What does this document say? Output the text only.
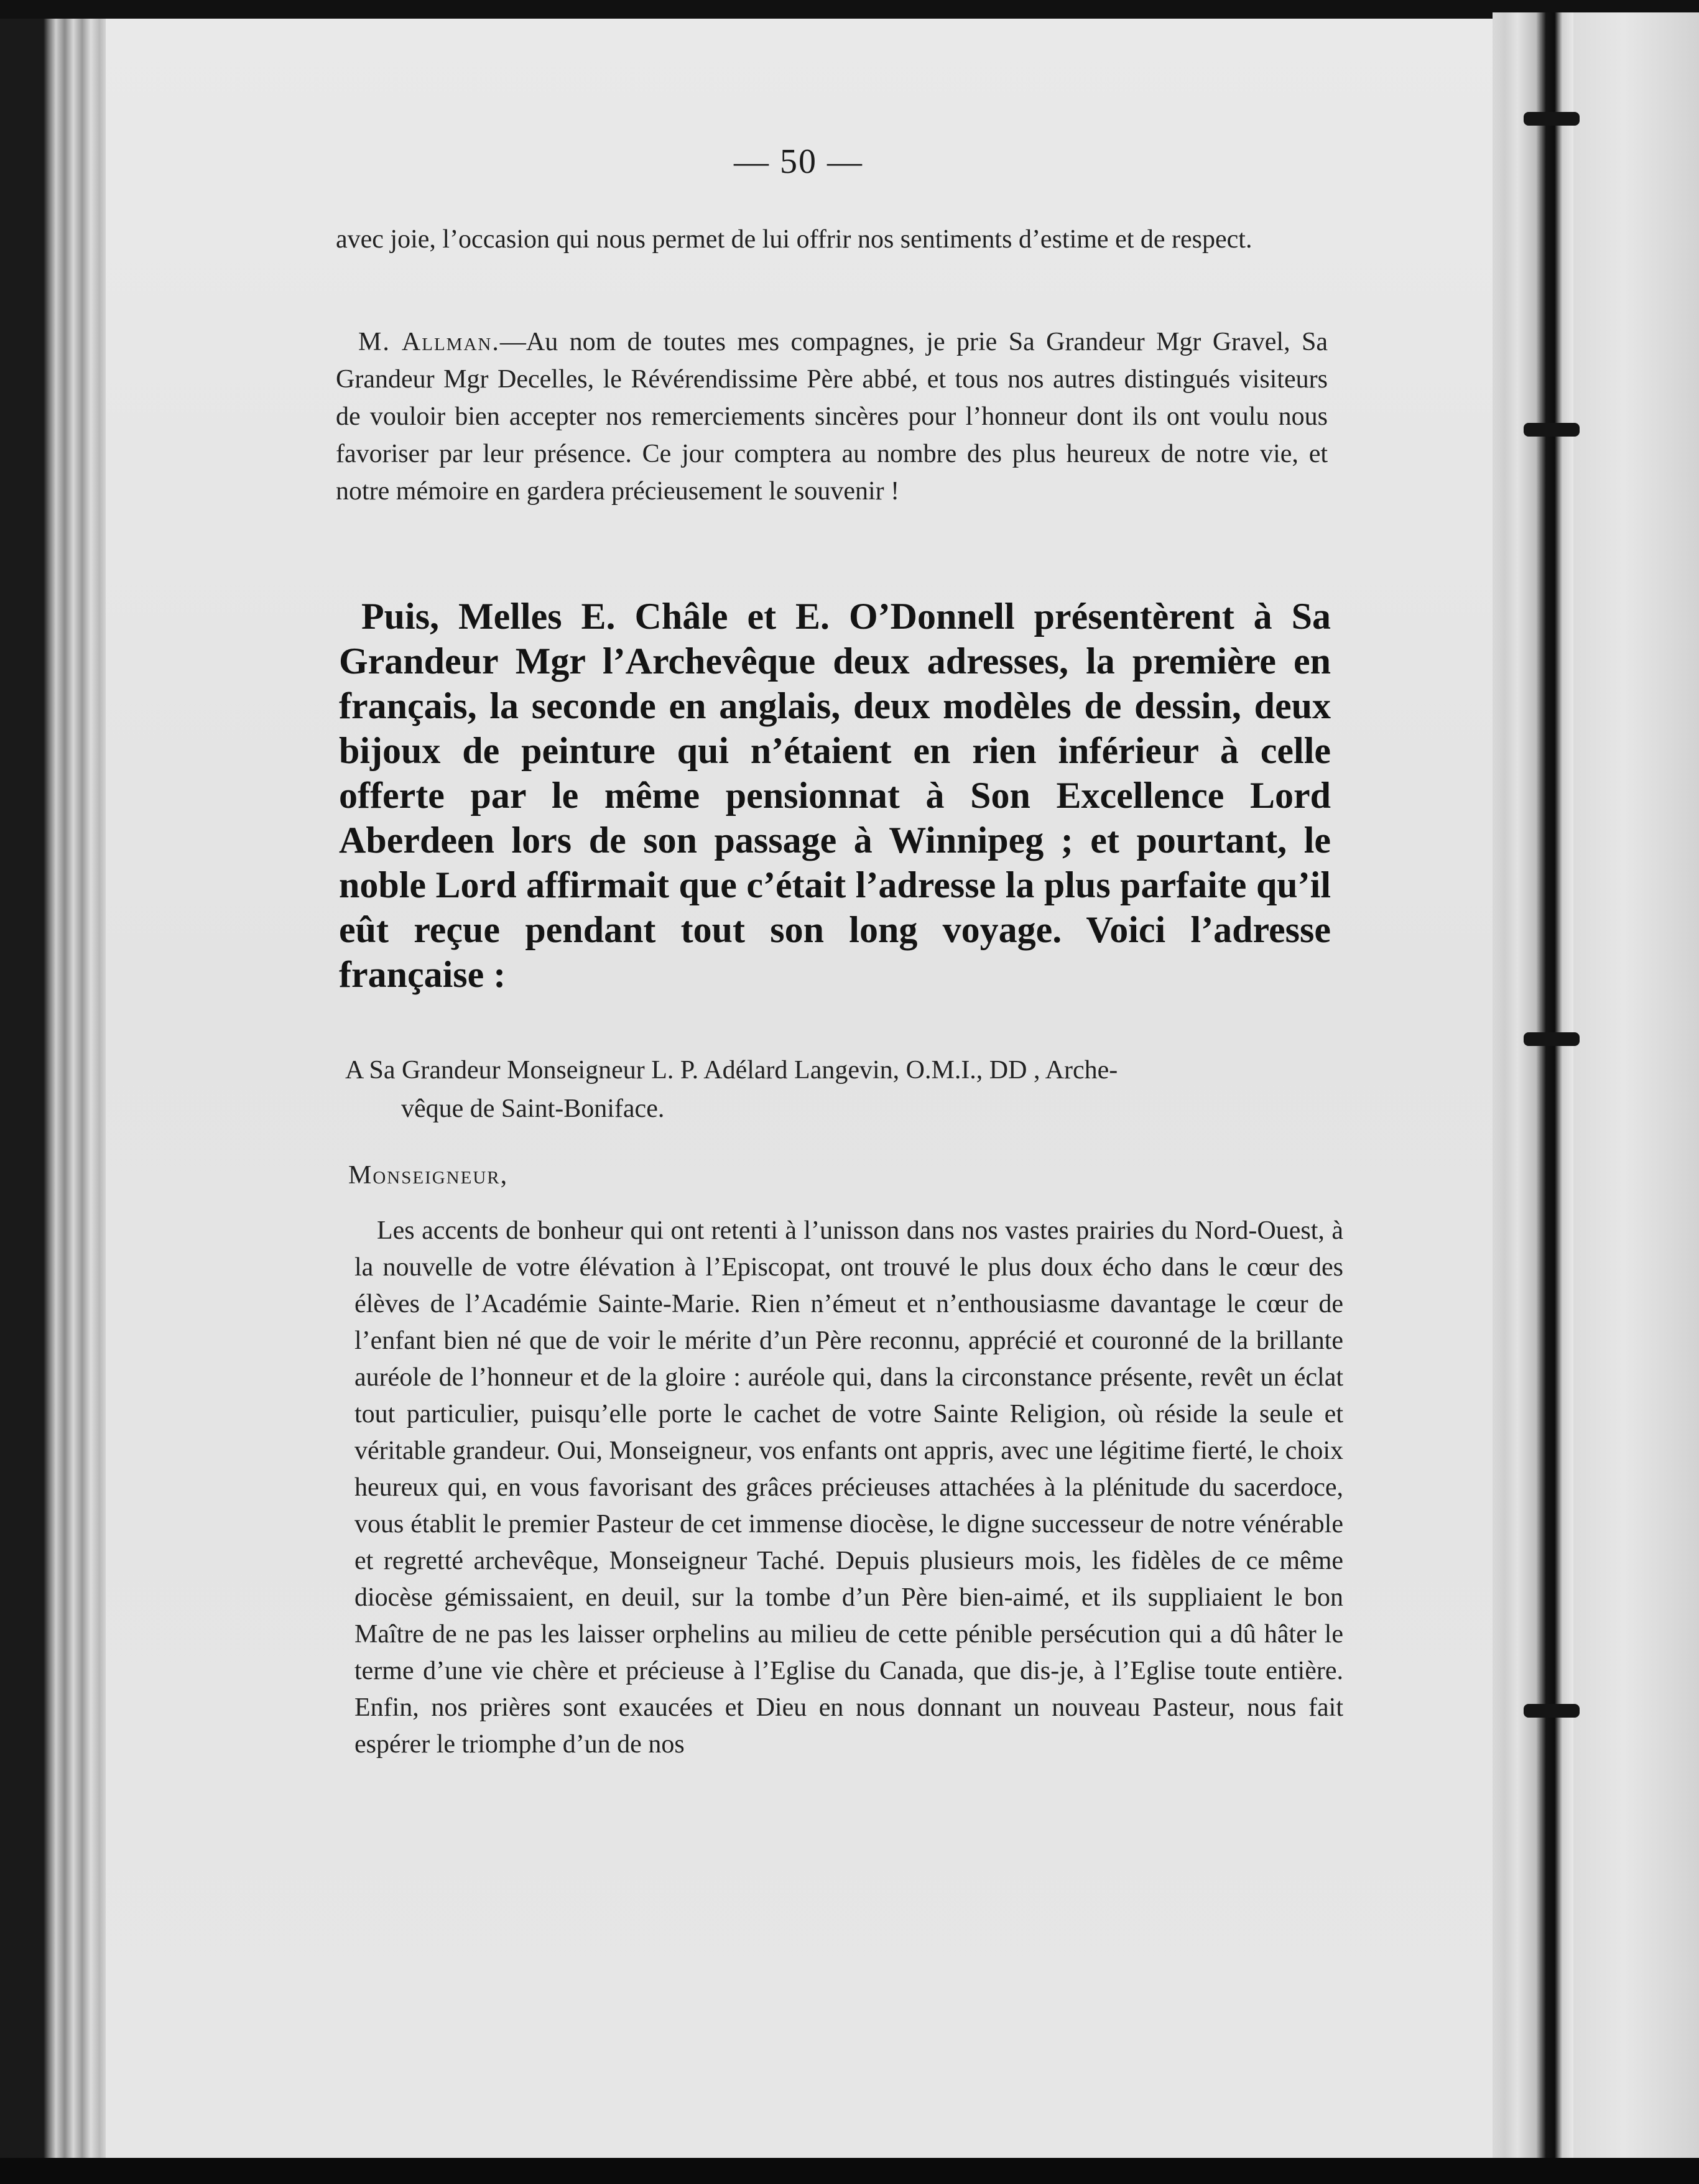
— 50 —

avec joie, l’occasion qui nous permet de lui offrir nos sentiments d’estime et de respect.

M. Allman.—Au nom de toutes mes compagnes, je prie Sa Grandeur Mgr Gravel, Sa Grandeur Mgr Decelles, le Révérendissime Père abbé, et tous nos autres distingués visiteurs de vouloir bien accepter nos remerciements sincères pour l’honneur dont ils ont voulu nous favoriser par leur présence. Ce jour comptera au nombre des plus heureux de notre vie, et notre mémoire en gardera précieusement le souvenir !

Puis, Melles E. Châle et E. O’Donnell présentèrent à Sa Grandeur Mgr l’Archevêque deux adresses, la première en français, la seconde en anglais, deux modèles de dessin, deux bijoux de peinture qui n’étaient en rien inférieur à celle offerte par le même pensionnat à Son Excellence Lord Aberdeen lors de son passage à Winnipeg ; et pourtant, le noble Lord affirmait que c’était l’adresse la plus parfaite qu’il eût reçue pendant tout son long voyage. Voici l’adresse française :

A Sa Grandeur Monseigneur L. P. Adélard Langevin, O.M.I., DD , Arche-
vêque de Saint-Boniface.

Monseigneur,

Les accents de bonheur qui ont retenti à l’unisson dans nos vastes prairies du Nord-Ouest, à la nouvelle de votre élévation à l’Episcopat, ont trouvé le plus doux écho dans le cœur des élèves de l’Académie Sainte-Marie. Rien n’émeut et n’enthousiasme davantage le cœur de l’enfant bien né que de voir le mérite d’un Père reconnu, apprécié et couronné de la brillante auréole de l’honneur et de la gloire : auréole qui, dans la circonstance présente, revêt un éclat tout particulier, puisqu’elle porte le cachet de votre Sainte Religion, où réside la seule et véritable grandeur. Oui, Monseigneur, vos enfants ont appris, avec une légitime fierté, le choix heureux qui, en vous favorisant des grâces précieuses attachées à la plénitude du sacerdoce, vous établit le premier Pasteur de cet immense diocèse, le digne successeur de notre vénérable et regretté archevêque, Monseigneur Taché. Depuis plusieurs mois, les fidèles de ce même diocèse gémissaient, en deuil, sur la tombe d’un Père bien-aimé, et ils suppliaient le bon Maître de ne pas les laisser orphelins au milieu de cette pénible persécution qui a dû hâter le terme d’une vie chère et précieuse à l’Eglise du Canada, que dis-je, à l’Eglise toute entière. Enfin, nos prières sont exaucées et Dieu en nous donnant un nouveau Pasteur, nous fait espérer le triomphe d’un de nos
